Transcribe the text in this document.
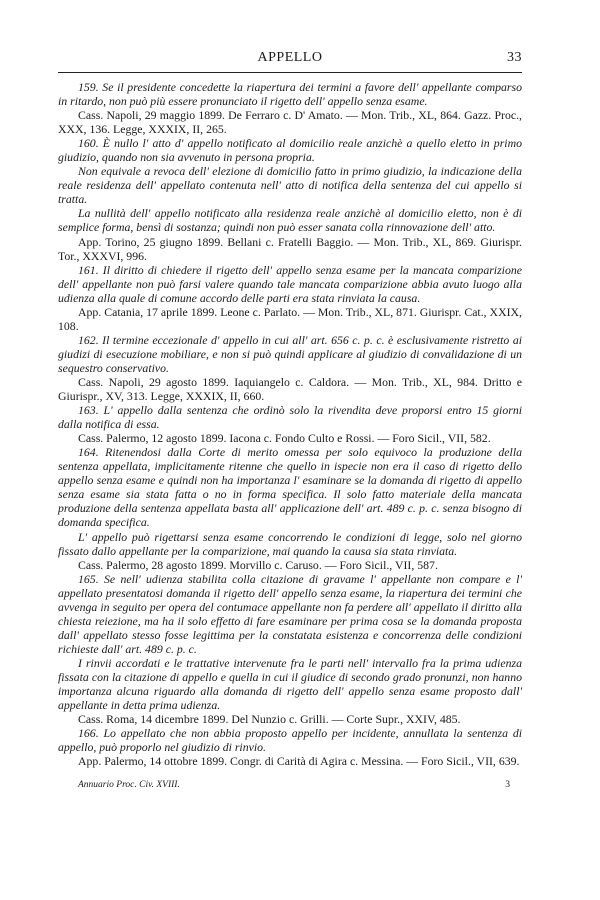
APPELLO	33

159. Se il presidente concedette la riapertura dei termini a favore dell' appellante comparso in ritardo, non può più essere pronunciato il rigetto dell' appello senza esame.

Cass. Napoli, 29 maggio 1899. De Ferraro c. D' Amato. — Mon. Trib., XL, 864. Gazz. Proc., XXX, 136. Legge, XXXIX, II, 265.

160. È nullo l' atto d' appello notificato al domicilio reale anzichè a quello eletto in primo giudizio, quando non sia avvenuto in persona propria.

Non equivale a revoca dell' elezione di domicilio fatto in primo giudizio, la indicazione della reale residenza dell' appellato contenuta nell' atto di notifica della sentenza del cui appello si tratta.

La nullità dell' appello notificato alla residenza reale anzichè al domicilio eletto, non è di semplice forma, bensì di sostanza; quindi non può esser sanata colla rinnovazione dell' atto.

App. Torino, 25 giugno 1899. Bellani c. Fratelli Baggio. — Mon. Trib., XL, 869. Giurispr. Tor., XXXVI, 996.

161. Il diritto di chiedere il rigetto dell' appello senza esame per la mancata comparizione dell' appellante non può farsi valere quando tale mancata comparizione abbia avuto luogo alla udienza alla quale di comune accordo delle parti era stata rinviata la causa.

App. Catania, 17 aprile 1899. Leone c. Parlato. — Mon. Trib., XL, 871. Giurispr. Cat., XXIX, 108.

162. Il termine eccezionale d' appello in cui all' art. 656 c. p. c. è esclusivamente ristretto ai giudizi di esecuzione mobiliare, e non si può quindi applicare al giudizio di convalidazione di un sequestro conservativo.

Cass. Napoli, 29 agosto 1899. Iaquiangelo c. Caldora. — Mon. Trib., XL, 984. Dritto e Giurispr., XV, 313. Legge, XXXIX, II, 660.

163. L' appello dalla sentenza che ordinò solo la rivendita deve proporsi entro 15 giorni dalla notifica di essa.

Cass. Palermo, 12 agosto 1899. Iacona c. Fondo Culto e Rossi. — Foro Sicil., VII, 582.

164. Ritenendosi dalla Corte di merito omessa per solo equivoco la produzione della sentenza appellata, implicitamente ritenne che quello in ispecie non era il caso di rigetto dello appello senza esame e quindi non ha importanza l' esaminare se la domanda di rigetto di appello senza esame sia stata fatta o no in forma specifica. Il solo fatto materiale della mancata produzione della sentenza appellata basta all' applicazione dell' art. 489 c. p. c. senza bisogno di domanda specifica.

L' appello può rigettarsi senza esame concorrendo le condizioni di legge, solo nel giorno fissato dallo appellante per la comparizione, mai quando la causa sia stata rinviata.

Cass. Palermo, 28 agosto 1899. Morvillo c. Caruso. — Foro Sicil., VII, 587.

165. Se nell' udienza stabilita colla citazione di gravame l' appellante non compare e l' appellato presentatosi domanda il rigetto dell' appello senza esame, la riapertura dei termini che avvenga in seguito per opera del contumace appellante non fa perdere all' appellato il diritto alla chiesta reiezione, ma ha il solo effetto di fare esaminare per prima cosa se la domanda proposta dall' appellato stesso fosse legittima per la constatata esistenza e concorrenza delle condizioni richieste dall' art. 489 c. p. c.

I rinvii accordati e le trattative intervenute fra le parti nell' intervallo fra la prima udienza fissata con la citazione di appello e quella in cui il giudice di secondo grado pronunzi, non hanno importanza alcuna riguardo alla domanda di rigetto dell' appello senza esame proposto dall' appellante in detta prima udienza.

Cass. Roma, 14 dicembre 1899. Del Nunzio c. Grilli. — Corte Supr., XXIV, 485.

166. Lo appellato che non abbia proposto appello per incidente, annullata la sentenza di appello, può proporlo nel giudizio di rinvio.

App. Palermo, 14 ottobre 1899. Congr. di Carità di Agira c. Messina. — Foro Sicil., VII, 639.

Annuario Proc. Civ. XVIII.	3
